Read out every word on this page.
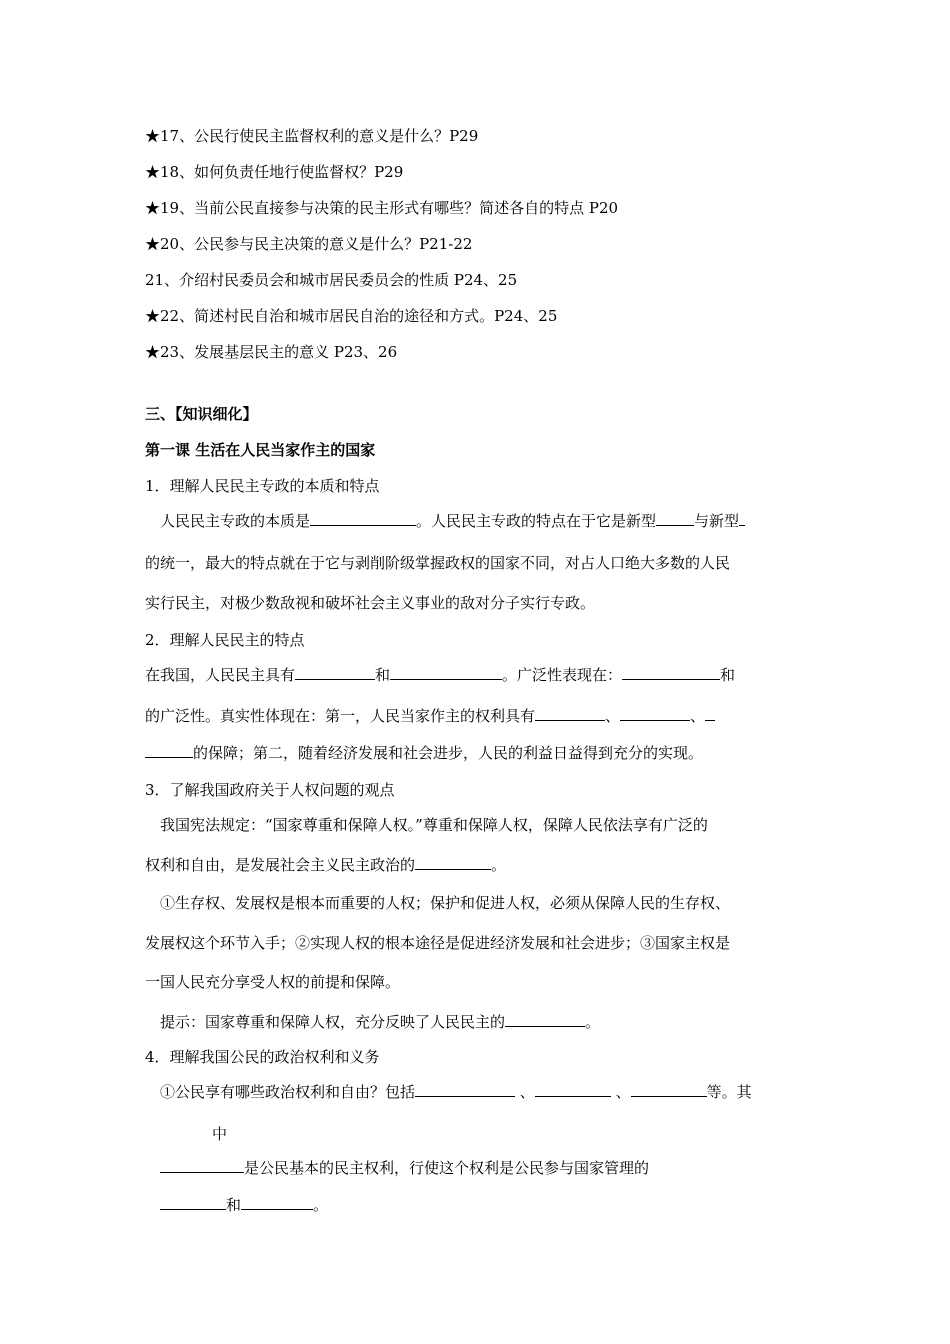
★17、公民行使民主监督权利的意义是什么？P29
★18、如何负责任地行使监督权？P29
★19、当前公民直接参与决策的民主形式有哪些？简述各自的特点 P20
★20、公民参与民主决策的意义是什么？P21-22
21、介绍村民委员会和城市居民委员会的性质 P24、25
★22、简述村民自治和城市居民自治的途径和方式。P24、25
★23、发展基层民主的意义 P23、26
三、【知识细化】
第一课 生活在人民当家作主的国家
1．理解人民民主专政的本质和特点
人民民主专政的本质是	。人民民主专政的特点在于它是新型	与新型
的统一，最大的特点就在于它与剥削阶级掌握政权的国家不同，对占人口绝大多数的人民
实行民主，对极少数敌视和破坏社会主义事业的敌对分子实行专政。
2．理解人民民主的特点
在我国，人民民主具有	和	。广泛性表现在：	和
的广泛性。真实性体现在：第一，人民当家作主的权利具有	、	、
的保障；第二，随着经济发展和社会进步，人民的利益日益得到充分的实现。
3．了解我国政府关于人权问题的观点
我国宪法规定：“国家尊重和保障人权。”尊重和保障人权，保障人民依法享有广泛的
权利和自由，是发展社会主义民主政治的	。
①生存权、发展权是根本而重要的人权；保护和促进人权，必须从保障人民的生存权、
发展权这个环节入手；②实现人权的根本途径是促进经济发展和社会进步；③国家主权是
一国人民充分享受人权的前提和保障。
提示：国家尊重和保障人权，充分反映了人民民主的	。
4．理解我国公民的政治权利和义务
①公民享有哪些政治权利和自由？包括	、	、	等。其
中
是公民基本的民主权利，行使这个权利是公民参与国家管理的
和	。
